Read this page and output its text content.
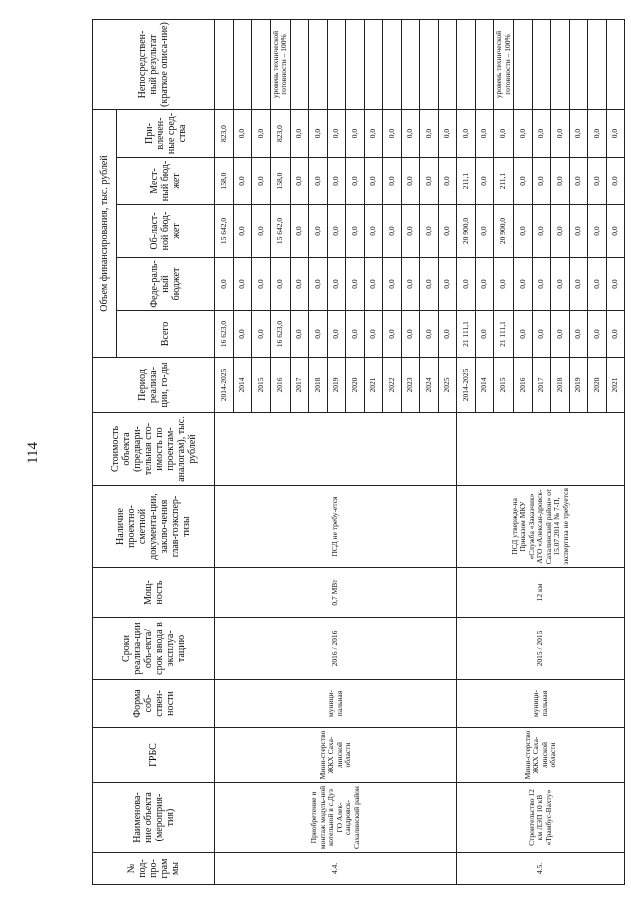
114
№ под-про-грам мы	Наименова-ние объекта (мероприя-тия)	ГРБС	Форма соб-ствен-ности	Сроки реализа-ции объ-екта/срок ввода в эксплуа-тацию	Мощ-ность	Наличие проектно-сметной документа-ции, заклю-чения глав-гоэкспер-тизы	Стоимость объекта (предвари-тельная сто-имость по проектам-аналогам), тыс. рублей	Период реализа-ции, го-ды	Объем финансирования, тыс. рублей					Непосредствен-ный результат (краткое описа-ние)
									Всего	Феде-раль-ный бюджет	Об-ласт-ной бюд-жет	Мест-ный бюд-жет	При-влечен-ные сред-ства	
4.4.	Приобретение и монтаж модуль-ной котельной в с.Дуэ ГО Алек-сандровск-Сахалинский район	Мини-стерство ЖКХ Саха-линской области	муници-пальная	2016 / 2016	0,7 МВт	ПСД не требу-ется		2014-2025	16 623,0	0,0	15 642,0	158,0	823,0	
								2014	0,0	0,0	0,0	0,0	0,0	
								2015	0,0	0,0	0,0	0,0	0,0	
								2016	16 623,0	0,0	15 642,0	158,0	823,0	уровень технической готовности – 100%
								2017	0,0	0,0	0,0	0,0	0,0	
								2018	0,0	0,0	0,0	0,0	0,0	
								2019	0,0	0,0	0,0	0,0	0,0	
								2020	0,0	0,0	0,0	0,0	0,0	
								2021	0,0	0,0	0,0	0,0	0,0	
								2022	0,0	0,0	0,0	0,0	0,0	
								2023	0,0	0,0	0,0	0,0	0,0	
								2024	0,0	0,0	0,0	0,0	0,0	
								2025	0,0	0,0	0,0	0,0	0,0	
4.5.	Строительство 12 км ЛЭП 10 кВ «Трамбус-Вахту»	Мини-стерство ЖКХ Саха-линской области	муници-пальная	2015 / 2015	12 км	ПСД утвержде-на Приказом МКУ «Служба «Заказчик» АГО «Алексан-дровск-Сахалинский район» от 15.07.2014 № 7-П, экспертиза не требуется		2014-2025	21 111,1	0,0	20 900,0	211,1	0,0	
								2014	0,0	0,0	0,0	0,0	0,0	
								2015	21 111,1	0,0	20 900,0	211,1	0,0	уровень технической готовности – 100%
								2016	0,0	0,0	0,0	0,0	0,0	
								2017	0,0	0,0	0,0	0,0	0,0	
								2018	0,0	0,0	0,0	0,0	0,0	
								2019	0,0	0,0	0,0	0,0	0,0	
								2020	0,0	0,0	0,0	0,0	0,0	
								2021	0,0	0,0	0,0	0,0	0,0	
